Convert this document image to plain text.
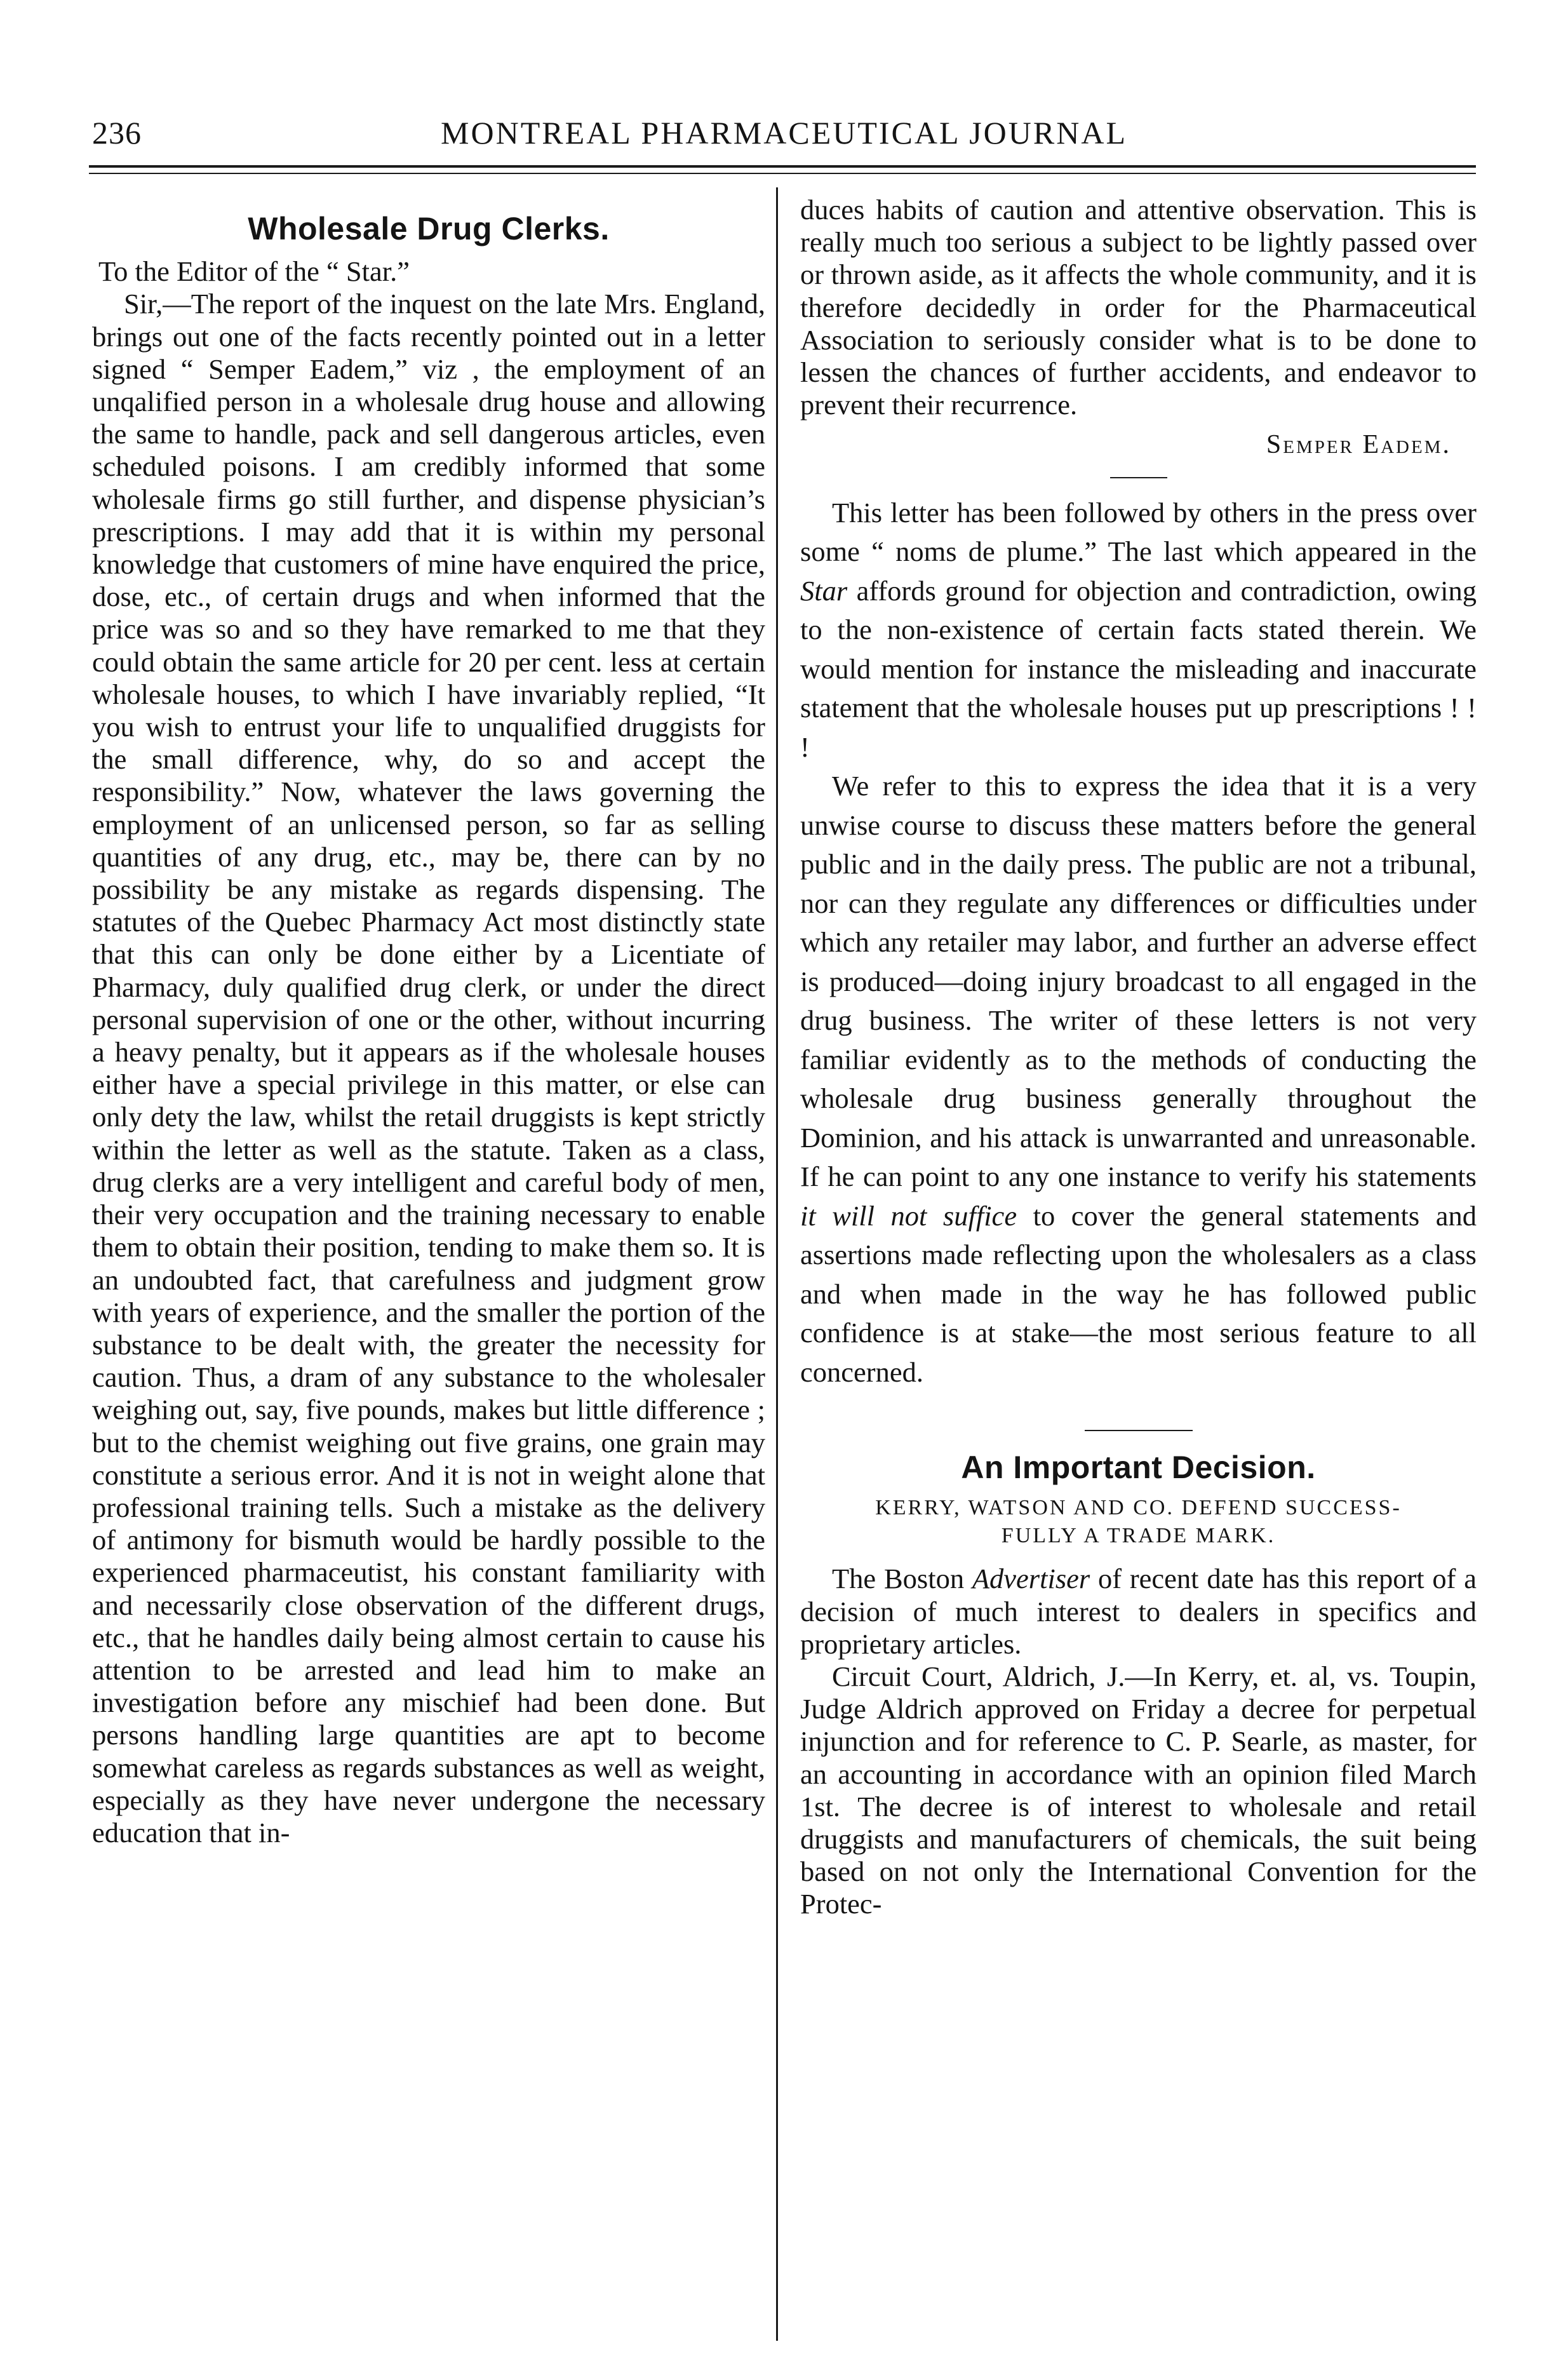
236	MONTREAL PHARMACEUTICAL JOURNAL
Wholesale Drug Clerks.

To the Editor of the “ Star.”

Sir,—The report of the inquest on the late Mrs. England, brings out one of the facts recently pointed out in a letter signed “ Semper Eadem,” viz , the employment of an unqalified person in a wholesale drug house and allowing the same to handle, pack and sell dangerous articles, even scheduled poisons. I am credibly informed that some wholesale firms go still further, and dispense physician’s prescriptions. I may add that it is within my personal knowledge that customers of mine have enquired the price, dose, etc., of certain drugs and when informed that the price was so and so they have remarked to me that they could obtain the same article for 20 per cent. less at certain wholesale houses, to which I have invariably replied, “It you wish to entrust your life to unqualified druggists for the small difference, why, do so and accept the responsibility.” Now, whatever the laws governing the employment of an unlicensed person, so far as selling quantities of any drug, etc., may be, there can by no possibility be any mistake as regards dispensing. The statutes of the Quebec Pharmacy Act most distinctly state that this can only be done either by a Licentiate of Pharmacy, duly qualified drug clerk, or under the direct personal supervision of one or the other, without incurring a heavy penalty, but it appears as if the wholesale houses either have a special privilege in this matter, or else can only dety the law, whilst the retail druggists is kept strictly within the letter as well as the statute. Taken as a class, drug clerks are a very intelligent and careful body of men, their very occupation and the training necessary to enable them to obtain their position, tending to make them so. It is an undoubted fact, that carefulness and judgment grow with years of experience, and the smaller the portion of the substance to be dealt with, the greater the necessity for caution. Thus, a dram of any substance to the wholesaler weighing out, say, five pounds, makes but little difference ; but to the chemist weighing out five grains, one grain may constitute a serious error. And it is not in weight alone that professional training tells. Such a mistake as the delivery of antimony for bismuth would be hardly possible to the experienced pharmaceutist, his constant familiarity with and necessarily close observation of the different drugs, etc., that he handles daily being almost certain to cause his attention to be arrested and lead him to make an investigation before any mischief had been done. But persons handling large quantities are apt to become somewhat careless as regards substances as well as weight, especially as they have never undergone the necessary education that in-

duces habits of caution and attentive observation. This is really much too serious a subject to be lightly passed over or thrown aside, as it affects the whole community, and it is therefore decidedly in order for the Pharmaceutical Association to seriously consider what is to be done to lessen the chances of further accidents, and endeavor to prevent their recurrence.

Semper Eadem.

This letter has been followed by others in the press over some “ noms de plume.” The last which appeared in the Star affords ground for objection and contradiction, owing to the non-existence of certain facts stated therein. We would mention for instance the misleading and inaccurate statement that the wholesale houses put up prescriptions ! ! !

We refer to this to express the idea that it is a very unwise course to discuss these matters before the general public and in the daily press. The public are not a tribunal, nor can they regulate any differences or difficulties under which any retailer may labor, and further an adverse effect is produced—doing injury broadcast to all engaged in the drug business. The writer of these letters is not very familiar evidently as to the methods of conducting the wholesale drug business generally throughout the Dominion, and his attack is unwarranted and unreasonable. If he can point to any one instance to verify his statements it will not suffice to cover the general statements and assertions made reflecting upon the wholesalers as a class and when made in the way he has followed public confidence is at stake—the most serious feature to all concerned.

An Important Decision.
KERRY, WATSON AND CO. DEFEND SUCCESS-
FULLY A TRADE MARK.

The Boston Advertiser of recent date has this report of a decision of much interest to dealers in specifics and proprietary articles.

Circuit Court, Aldrich, J.—In Kerry, et. al, vs. Toupin, Judge Aldrich approved on Friday a decree for perpetual injunction and for reference to C. P. Searle, as master, for an accounting in accordance with an opinion filed March 1st. The decree is of interest to wholesale and retail druggists and manufacturers of chemicals, the suit being based on not only the International Convention for the Protec-
